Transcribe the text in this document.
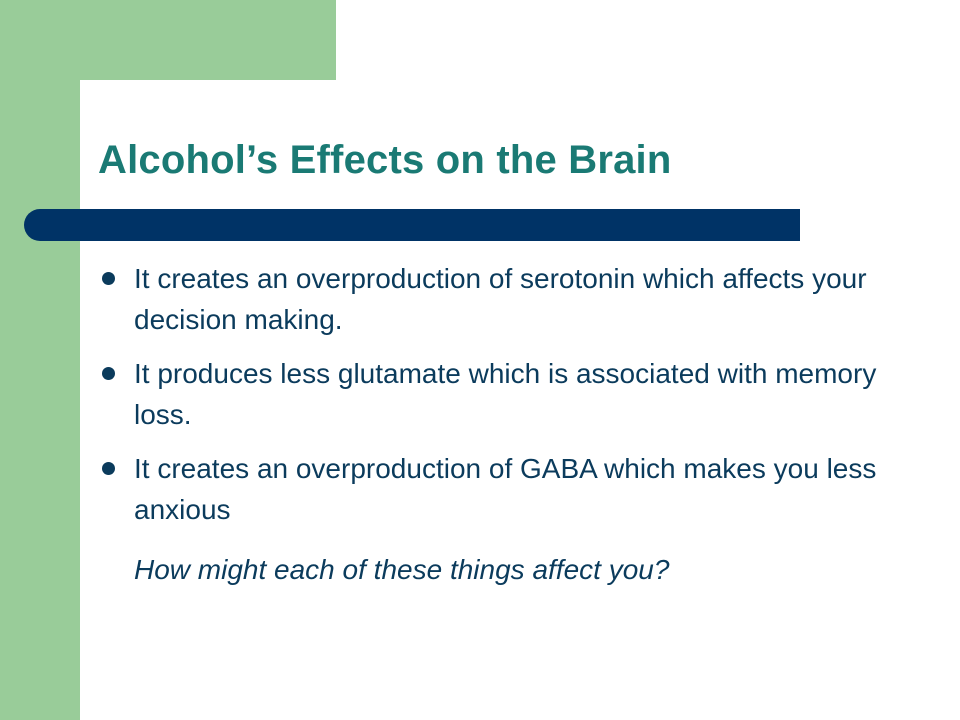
Alcohol’s Effects on the Brain
It creates an overproduction of serotonin which affects your decision making.
It produces less glutamate which is associated with memory loss.
It creates an overproduction of GABA which makes you less anxious

How might each of these things affect you?
